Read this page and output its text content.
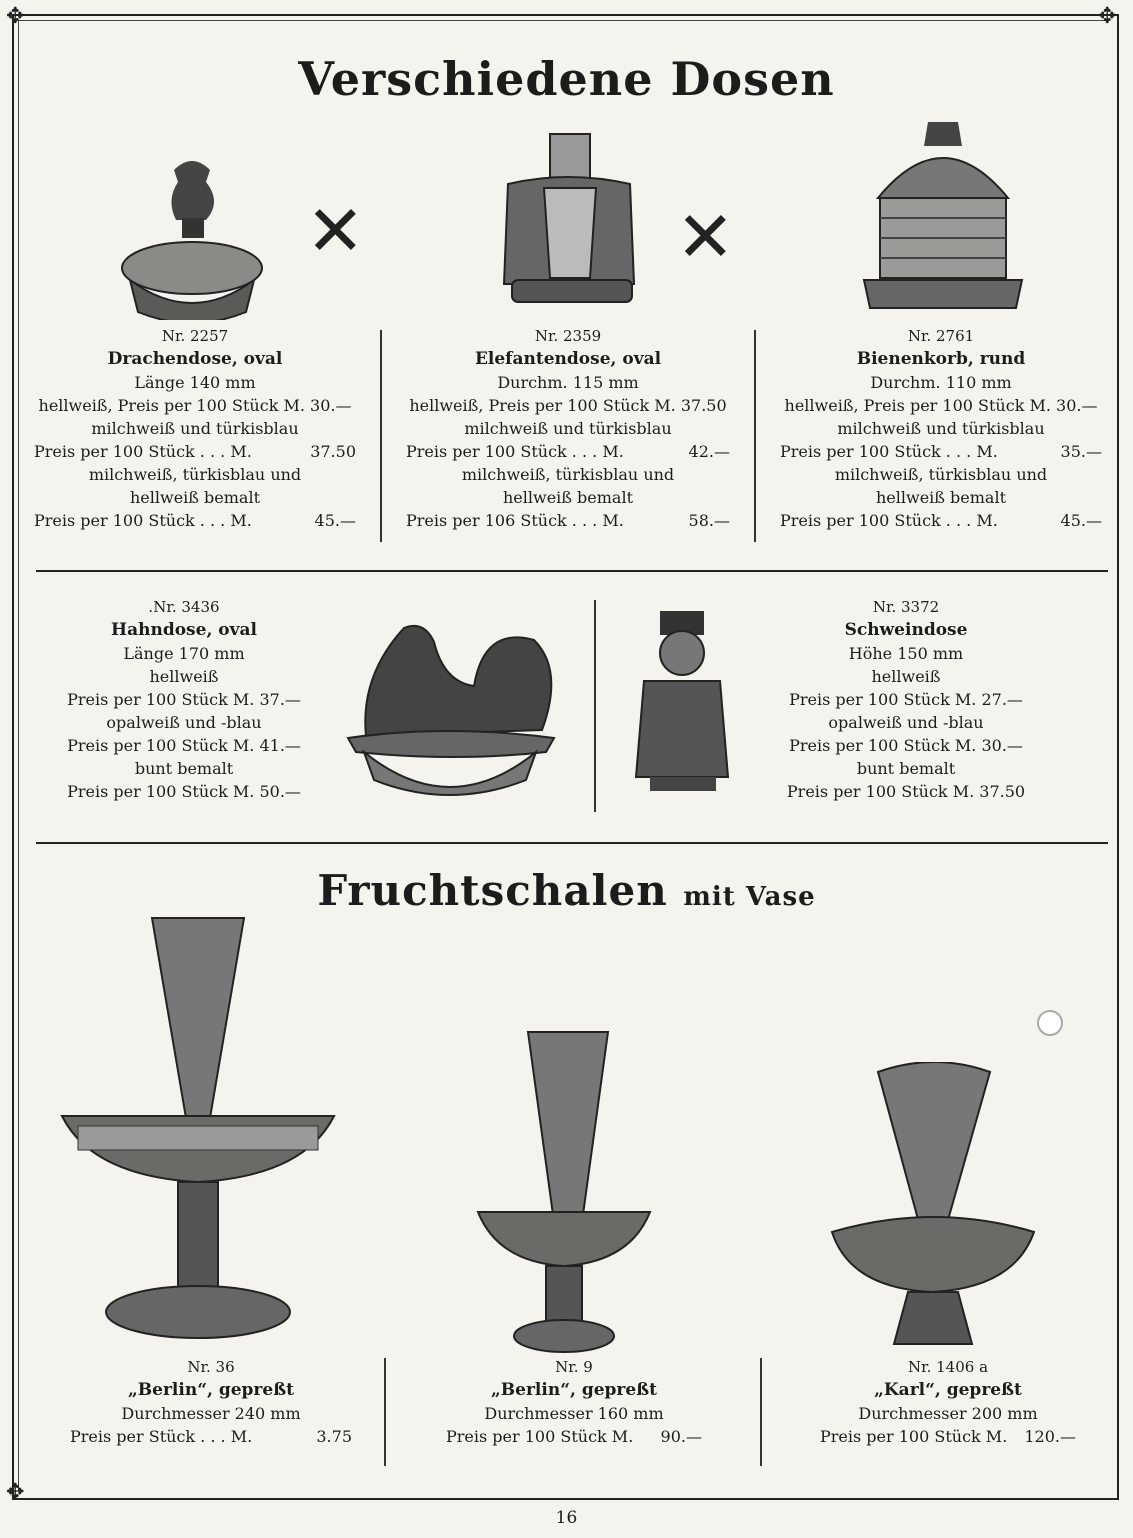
✥	✥
✥
Verschiedene Dosen
✕	✕
Nr. 2257
Drachendose, oval
Länge 140 mm
hellweiß, Preis per 100 Stück M. 30.—
milchweiß und türkisblau
Preis per 100 Stück . . . M.	37.50
milchweiß, türkisblau und
hellweiß bemalt
Preis per 100 Stück . . . M.	45.—
Nr. 2359
Elefantendose, oval
Durchm. 115 mm
hellweiß, Preis per 100 Stück M. 37.50
milchweiß und türkisblau
Preis per 100 Stück . . . M.	42.—
milchweiß, türkisblau und
hellweiß bemalt
Preis per 106 Stück . . . M.	58.—
Nr. 2761
Bienenkorb, rund
Durchm. 110 mm
hellweiß, Preis per 100 Stück M. 30.—
milchweiß und türkisblau
Preis per 100 Stück . . . M.	35.—
milchweiß, türkisblau und
hellweiß bemalt
Preis per 100 Stück . . . M.	45.—
.Nr. 3436
Hahndose, oval
Länge 170 mm
hellweiß
Preis per 100 Stück M. 37.—
opalweiß und -blau
Preis per 100 Stück M. 41.—
bunt bemalt
Preis per 100 Stück M. 50.—
Nr. 3372
Schweindose
Höhe 150 mm
hellweiß
Preis per 100 Stück M. 27.—
opalweiß und -blau
Preis per 100 Stück M. 30.—
bunt bemalt
Preis per 100 Stück M. 37.50
Fruchtschalen mit Vase
Nr. 36
„Berlin“, gepreßt
Durchmesser 240 mm
Preis per Stück . . . M.	3.75
Nr. 9
„Berlin“, gepreßt
Durchmesser 160 mm
Preis per 100 Stück M. 90.—
Nr. 1406 a
„Karl“, gepreßt
Durchmesser 200 mm
Preis per 100 Stück M. 120.—
16
